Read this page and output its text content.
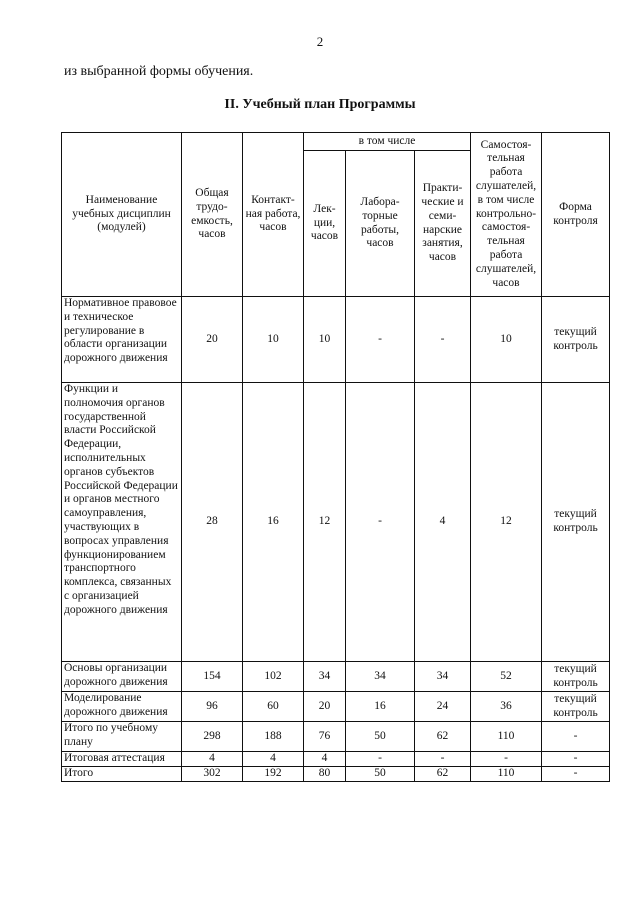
2
из выбранной формы обучения.
II. Учебный план Программы
Наименование учебных дисциплин (модулей)	Общая трудо-емкость, часов	Контакт-ная работа, часов	в том числе			Самостоя-тельная работа слушателей, в том числе контрольно-самостоя-тельная работа слушателей, часов	Форма контроля
			Лек-ции, часов	Лабора-торные работы, часов	Практи-ческие и семи-нарские занятия, часов		
Нормативное правовое и техническое регулирование в области организации дорожного движения	20	10	10	-	-	10	текущий контроль
Функции и полномочия органов государственной власти Российской Федерации, исполнительных органов субъектов Российской Федерации и органов местного самоуправления, участвующих в вопросах управления функционированием транспортного комплекса, связанных с организацией дорожного движения	28	16	12	-	4	12	текущий контроль
Основы организации дорожного движения	154	102	34	34	34	52	текущий контроль
Моделирование дорожного движения	96	60	20	16	24	36	текущий контроль
Итого по учебному плану	298	188	76	50	62	110	-
Итоговая аттестация	4	4	4	-	-	-	-
Итого	302	192	80	50	62	110	-
